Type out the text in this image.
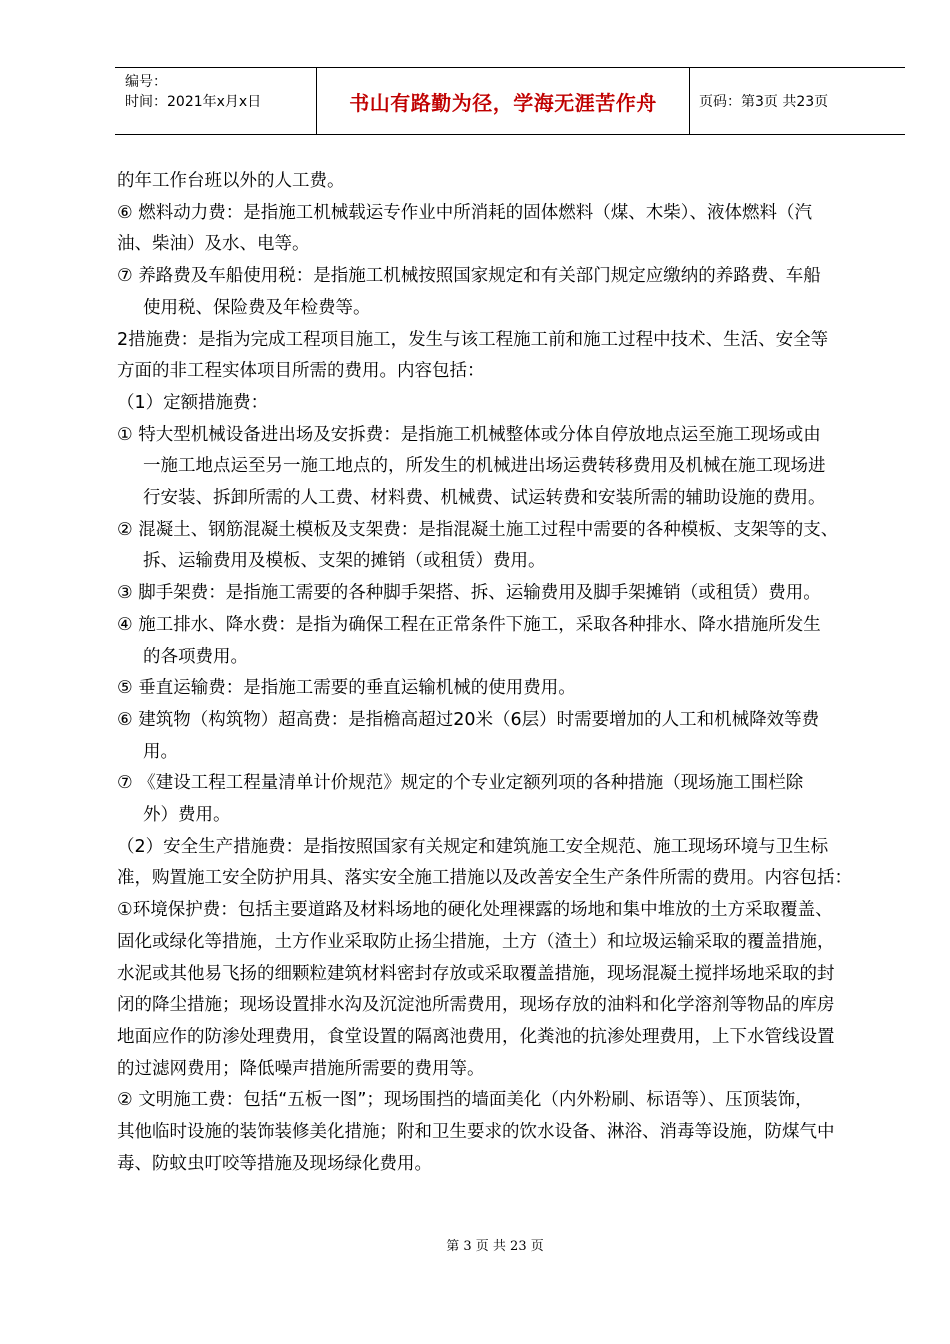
编号：
时间：2021年x月x日	书山有路勤为径，学海无涯苦作舟	页码：第3页 共23页

的年工作台班以外的人工费。

⑥ 燃料动力费：是指施工机械载运专作业中所消耗的固体燃料（煤、木柴）、液体燃料（汽

油、柴油）及水、电等。

⑦ 养路费及车船使用税：是指施工机械按照国家规定和有关部门规定应缴纳的养路费、车船

使用税、保险费及年检费等。

2措施费：是指为完成工程项目施工，发生与该工程施工前和施工过程中技术、生活、安全等

方面的非工程实体项目所需的费用。内容包括：

（1）定额措施费：

① 特大型机械设备进出场及安拆费：是指施工机械整体或分体自停放地点运至施工现场或由

一施工地点运至另一施工地点的，所发生的机械进出场运费转移费用及机械在施工现场进

行安装、拆卸所需的人工费、材料费、机械费、试运转费和安装所需的辅助设施的费用。

② 混凝土、钢筋混凝土模板及支架费：是指混凝土施工过程中需要的各种模板、支架等的支、

拆、运输费用及模板、支架的摊销（或租赁）费用。

③ 脚手架费：是指施工需要的各种脚手架搭、拆、运输费用及脚手架摊销（或租赁）费用。

④ 施工排水、降水费：是指为确保工程在正常条件下施工，采取各种排水、降水措施所发生

的各项费用。

⑤ 垂直运输费：是指施工需要的垂直运输机械的使用费用。

⑥ 建筑物（构筑物）超高费：是指檐高超过20米（6层）时需要增加的人工和机械降效等费

用。

⑦ 《建设工程工程量清单计价规范》规定的个专业定额列项的各种措施（现场施工围栏除

外）费用。

（2）安全生产措施费：是指按照国家有关规定和建筑施工安全规范、施工现场环境与卫生标

准，购置施工安全防护用具、落实安全施工措施以及改善安全生产条件所需的费用。内容包括：

①环境保护费：包括主要道路及材料场地的硬化处理裸露的场地和集中堆放的土方采取覆盖、

固化或绿化等措施，土方作业采取防止扬尘措施，土方（渣土）和垃圾运输采取的覆盖措施，

水泥或其他易飞扬的细颗粒建筑材料密封存放或采取覆盖措施，现场混凝土搅拌场地采取的封

闭的降尘措施；现场设置排水沟及沉淀池所需费用，现场存放的油料和化学溶剂等物品的库房

地面应作的防渗处理费用，食堂设置的隔离池费用，化粪池的抗渗处理费用，上下水管线设置

的过滤网费用；降低噪声措施所需要的费用等。

② 文明施工费：包括“五板一图”；现场围挡的墙面美化（内外粉刷、标语等）、压顶装饰，

其他临时设施的装饰装修美化措施；附和卫生要求的饮水设备、淋浴、消毒等设施，防煤气中

毒、防蚊虫叮咬等措施及现场绿化费用。

第 3 页 共 23 页
